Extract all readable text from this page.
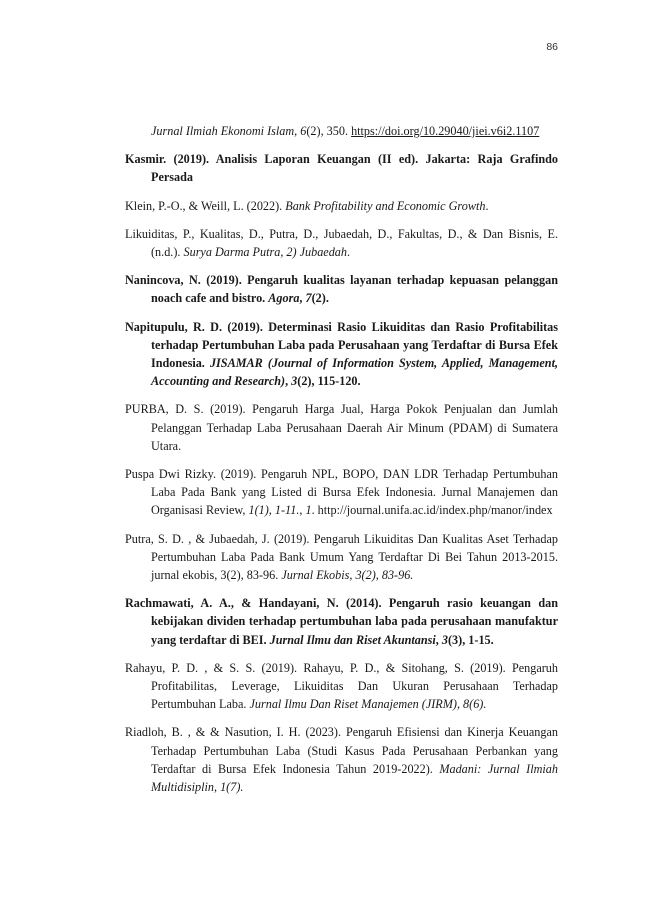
86

Jurnal Ilmiah Ekonomi Islam, 6(2), 350. https://doi.org/10.29040/jiei.v6i2.1107

Kasmir. (2019). Analisis Laporan Keuangan (II ed). Jakarta: Raja Grafindo Persada

Klein, P.-O., & Weill, L. (2022). Bank Profitability and Economic Growth.

Likuiditas, P., Kualitas, D., Putra, D., Jubaedah, D., Fakultas, D., & Dan Bisnis, E. (n.d.). Surya Darma Putra, 2) Jubaedah.

Nanincova, N. (2019). Pengaruh kualitas layanan terhadap kepuasan pelanggan noach cafe and bistro. Agora, 7(2).

Napitupulu, R. D. (2019). Determinasi Rasio Likuiditas dan Rasio Profitabilitas terhadap Pertumbuhan Laba pada Perusahaan yang Terdaftar di Bursa Efek Indonesia. JISAMAR (Journal of Information System, Applied, Management, Accounting and Research), 3(2), 115-120.

PURBA, D. S. (2019). Pengaruh Harga Jual, Harga Pokok Penjualan dan Jumlah Pelanggan Terhadap Laba Perusahaan Daerah Air Minum (PDAM) di Sumatera Utara.

Puspa Dwi Rizky. (2019). Pengaruh NPL, BOPO, DAN LDR Terhadap Pertumbuhan Laba Pada Bank yang Listed di Bursa Efek Indonesia. Jurnal Manajemen dan Organisasi Review, 1(1), 1-11., 1. http://journal.unifa.ac.id/index.php/manor/index

Putra, S. D. , & Jubaedah, J. (2019). Pengaruh Likuiditas Dan Kualitas Aset Terhadap Pertumbuhan Laba Pada Bank Umum Yang Terdaftar Di Bei Tahun 2013-2015. jurnal ekobis, 3(2), 83-96. Jurnal Ekobis, 3(2), 83-96.

Rachmawati, A. A., & Handayani, N. (2014). Pengaruh rasio keuangan dan kebijakan dividen terhadap pertumbuhan laba pada perusahaan manufaktur yang terdaftar di BEI. Jurnal Ilmu dan Riset Akuntansi, 3(3), 1-15.

Rahayu, P. D. , & S. S. (2019). Rahayu, P. D., & Sitohang, S. (2019). Pengaruh Profitabilitas, Leverage, Likuiditas Dan Ukuran Perusahaan Terhadap Pertumbuhan Laba. Jurnal Ilmu Dan Riset Manajemen (JIRM), 8(6).

Riadloh, B. , & & Nasution, I. H. (2023). Pengaruh Efisiensi dan Kinerja Keuangan Terhadap Pertumbuhan Laba (Studi Kasus Pada Perusahaan Perbankan yang Terdaftar di Bursa Efek Indonesia Tahun 2019-2022). Madani: Jurnal Ilmiah Multidisiplin, 1(7).
